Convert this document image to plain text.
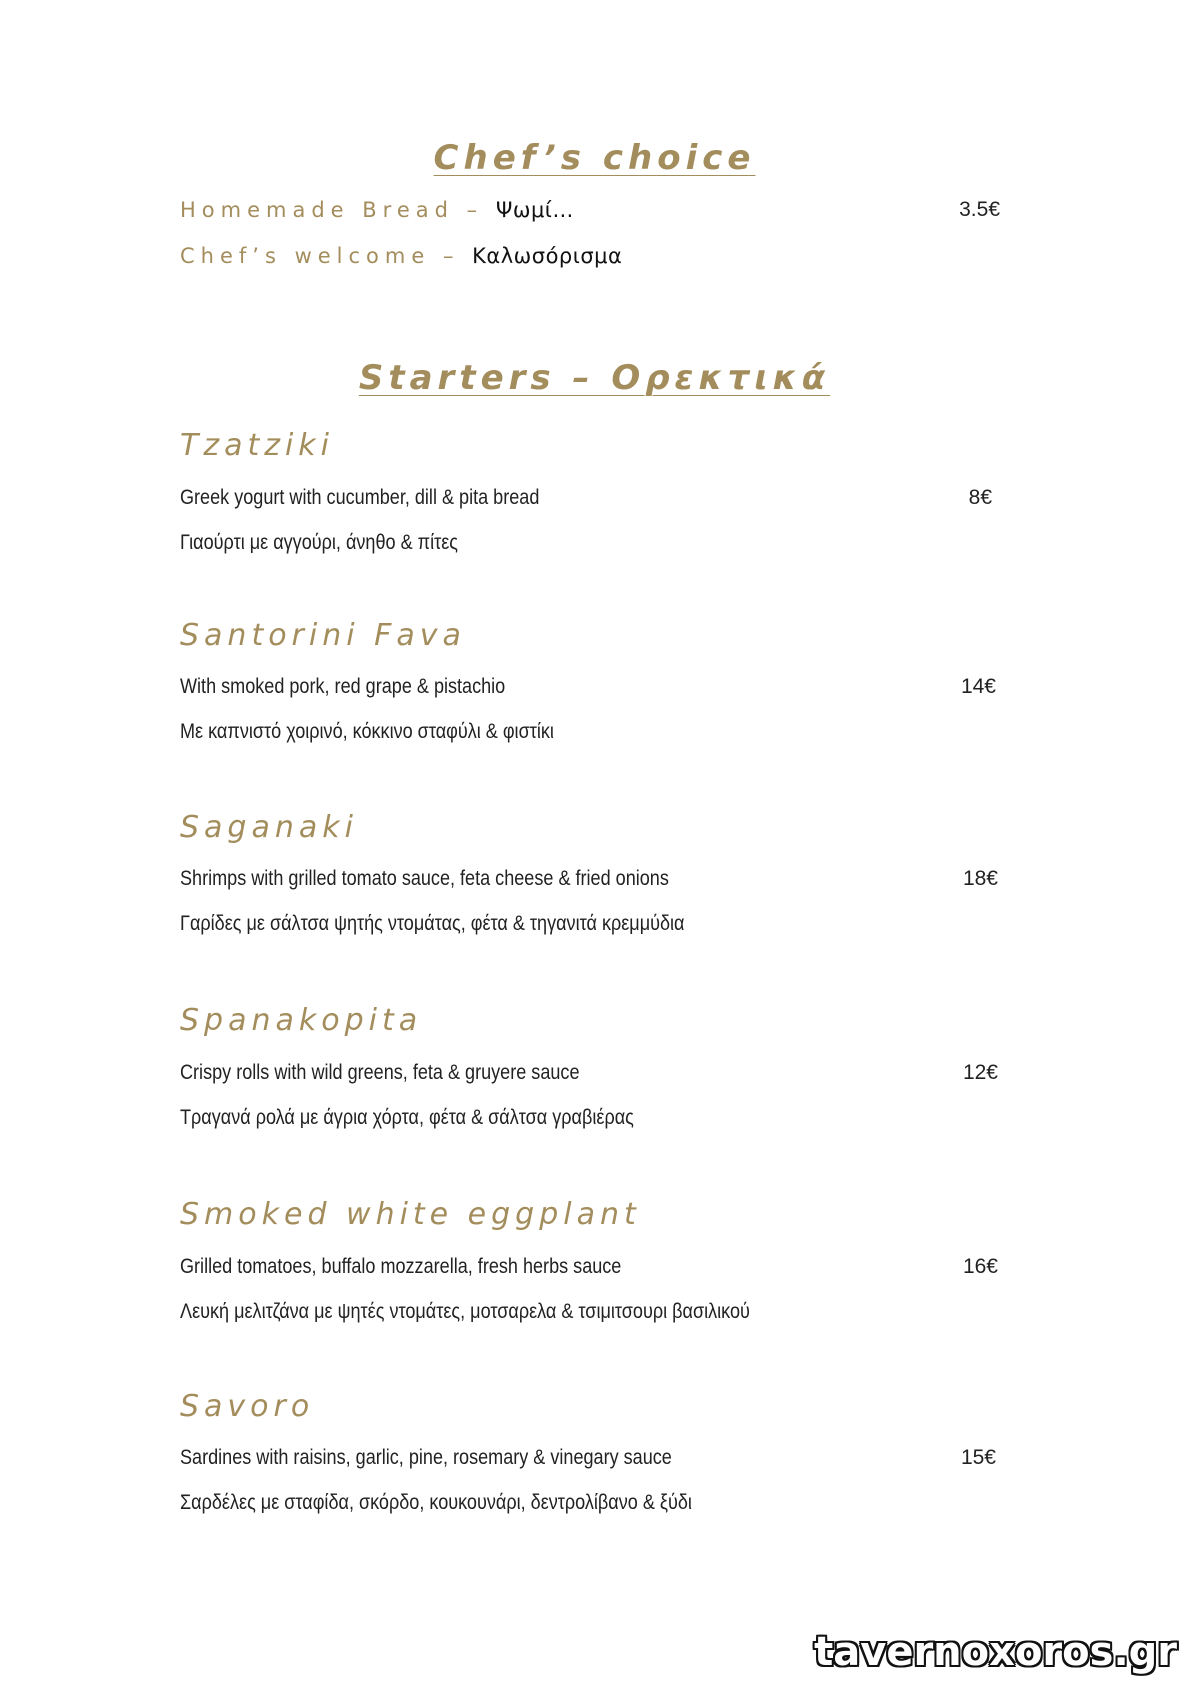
Chef’s choice
Homemade Bread – Ψωμί…	3.5€
Chef’s welcome – Καλωσόρισμα
Starters – Ορεκτικά
Tzatziki
Greek yogurt with cucumber, dill & pita bread	8€
Γιαούρτι με αγγούρι, άνηθο & πίτες
Santorini Fava
With smoked pork, red grape & pistachio	14€
Με καπνιστό χοιρινό, κόκκινο σταφύλι & φιστίκι
Saganaki
Shrimps with grilled tomato sauce, feta cheese & fried onions	18€
Γαρίδες με σάλτσα ψητής ντομάτας, φέτα & τηγανιτά κρεμμύδια
Spanakopita
Crispy rolls with wild greens, feta & gruyere sauce	12€
Τραγανά ρολά με άγρια χόρτα, φέτα & σάλτσα γραβιέρας
Smoked white eggplant
Grilled tomatoes, buffalo mozzarella, fresh herbs sauce	16€
Λευκή μελιτζάνα με ψητές ντομάτες, μοτσαρελα & τσιμιτσουρι βασιλικού
Savoro
Sardines with raisins, garlic, pine, rosemary & vinegary sauce	15€
Σαρδέλες με σταφίδα, σκόρδο, κουκουνάρι, δεντρολίβανο & ξύδι
tavernoxoros.gr
